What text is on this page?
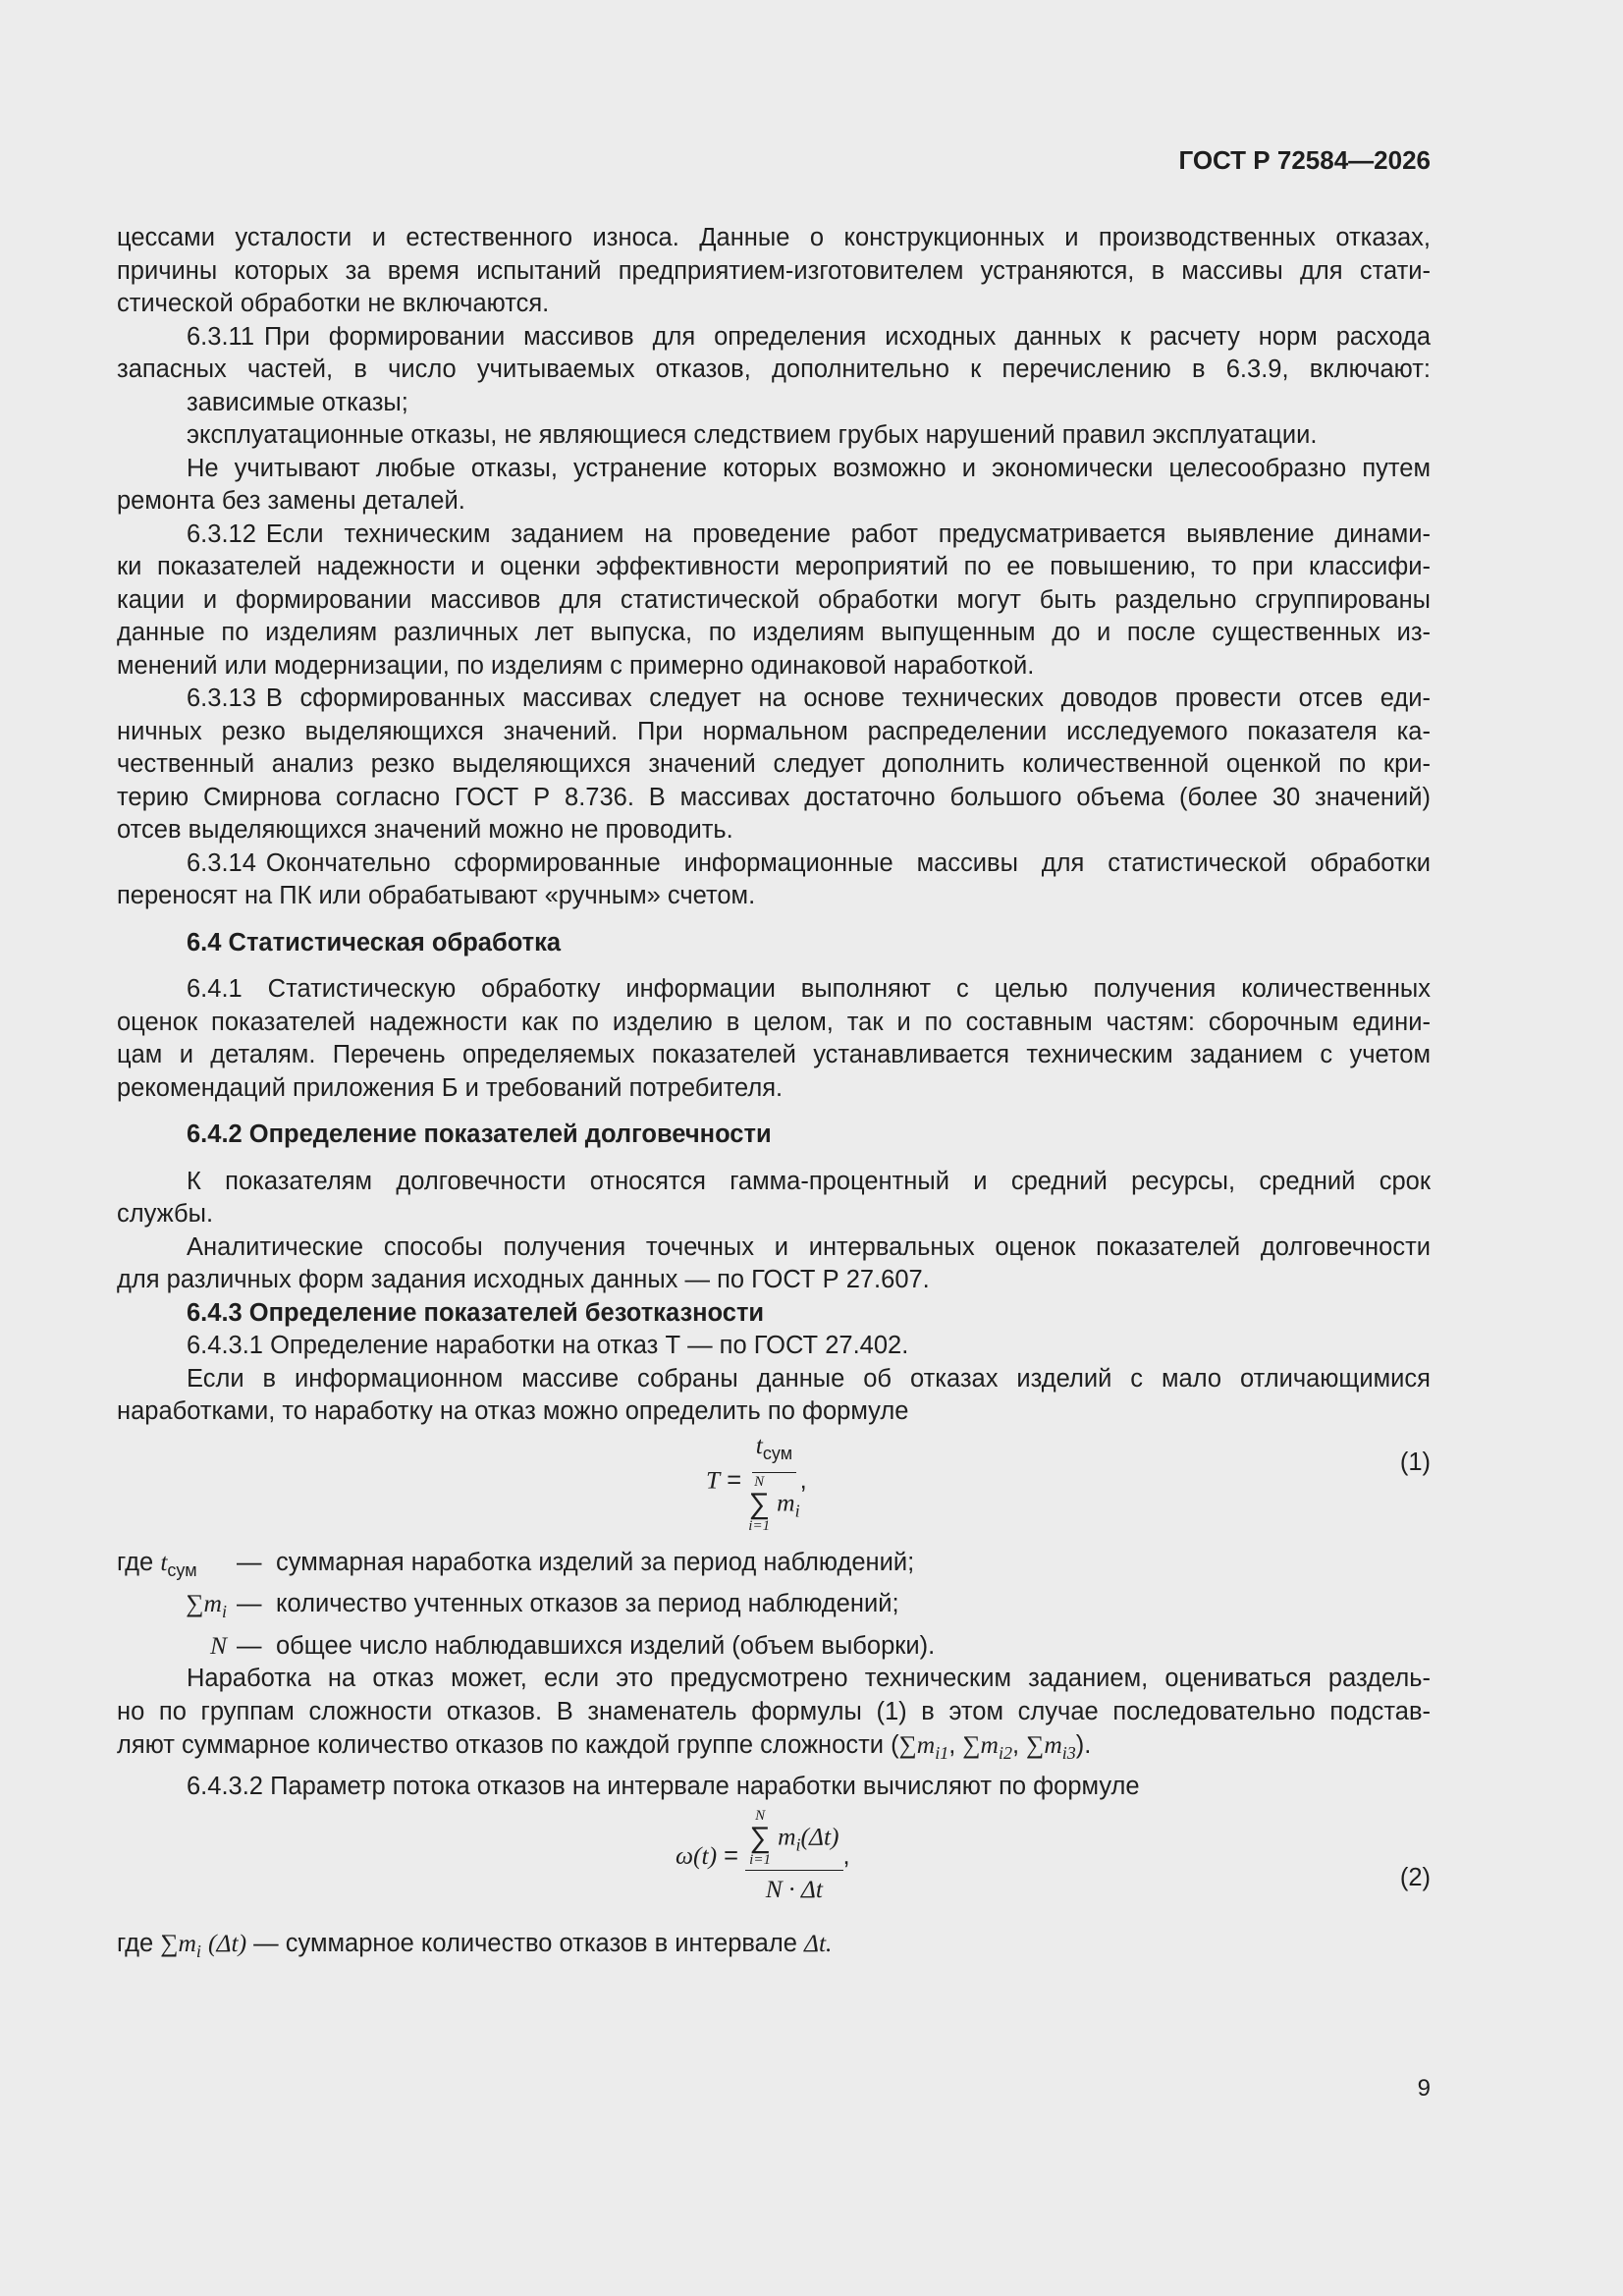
ГОСТ Р 72584—2026

цессами усталости и естественного износа. Данные о конструкционных и производственных отказах,

причины которых за время испытаний предприятием-изготовителем устраняются, в массивы для стати-

стической обработки не включаются.

6.3.11 При формировании массивов для определения исходных данных к расчету норм расхода

запасных частей, в число учитываемых отказов, дополнительно к перечислению в 6.3.9, включают:

зависимые отказы;

эксплуатационные отказы, не являющиеся следствием грубых нарушений правил эксплуатации.

Не учитывают любые отказы, устранение которых возможно и экономически целесообразно путем

ремонта без замены деталей.

6.3.12 Если техническим заданием на проведение работ предусматривается выявление динами-

ки показателей надежности и оценки эффективности мероприятий по ее повышению, то при классифи-

кации и формировании массивов для статистической обработки могут быть раздельно сгруппированы

данные по изделиям различных лет выпуска, по изделиям выпущенным до и после существенных из-

менений или модернизации, по изделиям с примерно одинаковой наработкой.

6.3.13 В сформированных массивах следует на основе технических доводов провести отсев еди-

ничных резко выделяющихся значений. При нормальном распределении исследуемого показателя ка-

чественный анализ резко выделяющихся значений следует дополнить количественной оценкой по кри-

терию Смирнова согласно ГОСТ Р 8.736. В массивах достаточно большого объема (более 30 значений)

отсев выделяющихся значений можно не проводить.

6.3.14 Окончательно сформированные информационные массивы для статистической обработки

переносят на ПК или обрабатывают «ручным» счетом.

6.4 Статистическая обработка

6.4.1 Статистическую обработку информации выполняют с целью получения количественных

оценок показателей надежности как по изделию в целом, так и по составным частям: сборочным едини-

цам и деталям. Перечень определяемых показателей устанавливается техническим заданием с учетом

рекомендаций приложения Б и требований потребителя.

6.4.2 Определение показателей долговечности

К показателям долговечности относятся гамма-процентный и средний ресурсы, средний срок

службы.

Аналитические способы получения точечных и интервальных оценок показателей долговечности

для различных форм задания исходных данных — по ГОСТ Р 27.607.

6.4.3 Определение показателей безотказности

6.4.3.1 Определение наработки на отказ Т — по ГОСТ 27.402.

Если в информационном массиве собраны данные об отказах изделий с мало отличающимися

наработками, то наработку на отказ можно определить по формуле

T =
$t_{сум}$
N
∑
i=1
$m_i$
,
(1)
где $t_{сум}$	— суммарная наработка изделий за период наблюдений;
$\sum m_i$ — количество учтенных отказов за период наблюдений;
N — общее число наблюдавшихся изделий (объем выборки).

Наработка на отказ может, если это предусмотрено техническим заданием, оцениваться раздель-

но по группам сложности отказов. В знаменатель формулы (1) в этом случае последовательно подстав-

ляют суммарное количество отказов по каждой группе сложности ($\sum m_{i1}$, $\sum m_{i2}$, $\sum m_{i3}$).

6.4.3.2 Параметр потока отказов на интервале наработки вычисляют по формуле

ω(t) =
N
∑
i=1
$m_i(\Delta t)$
N · Δt
,
(2)

где $\sum m_i$ (Δt) — суммарное количество отказов в интервале Δt.

9
